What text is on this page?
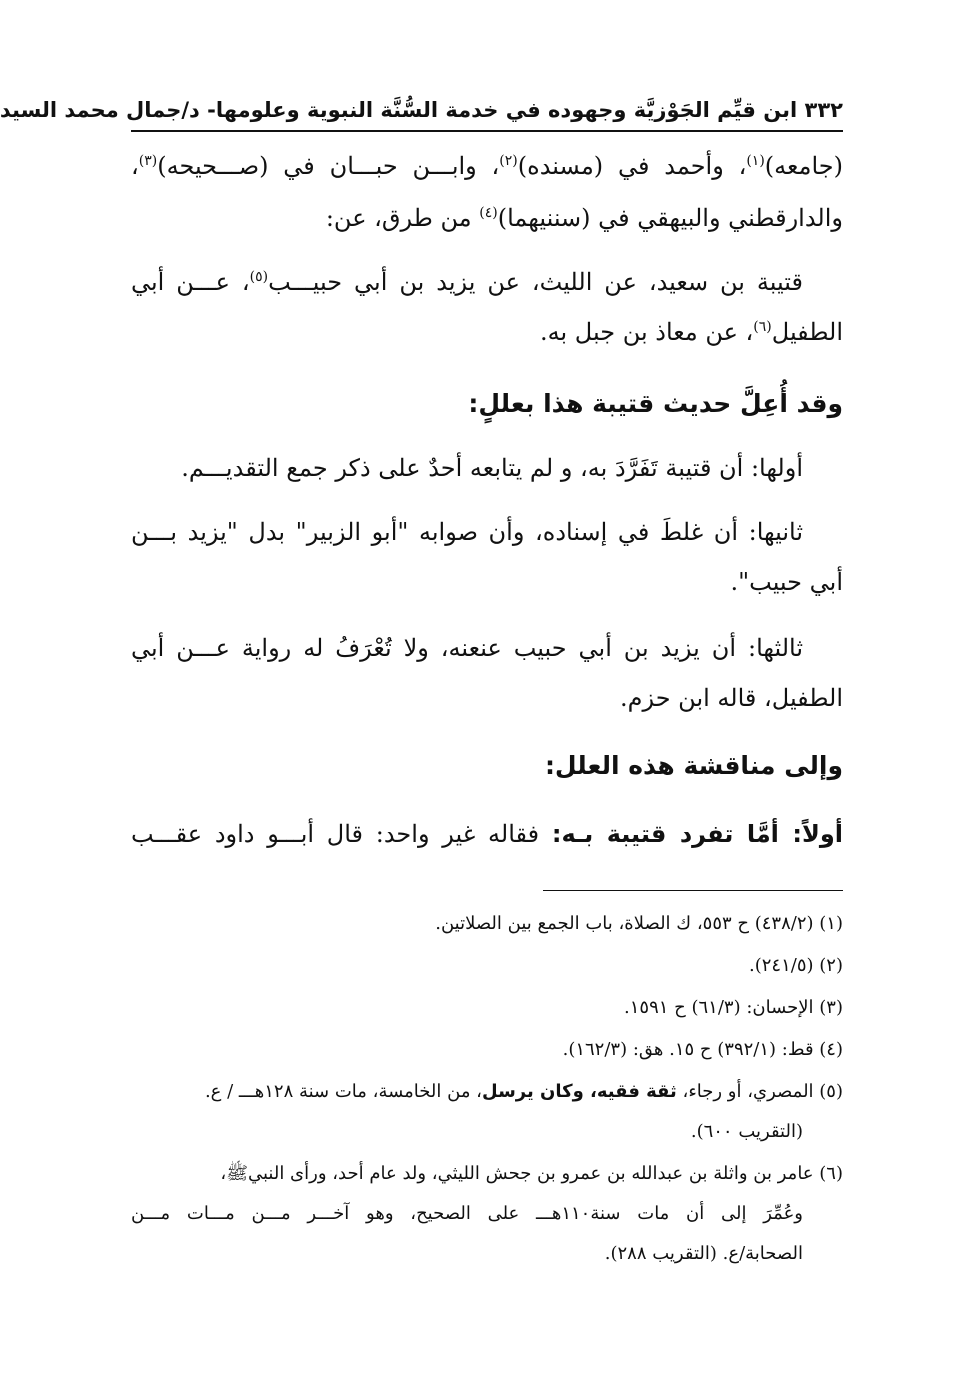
٣٣٢ ابن قيِّم الجَوْزيَّة وجهوده في خدمة السُّنَّة النبوية وعلومها- د/جمال محمد السيد
(جامعه)$^{(١)}$، وأحمد في (مسنده)$^{(٢)}$، وابـــن حبـــان في (صـــحيحه)$^{(٣)}$،
والدارقطني والبيهقي في (سننيهما)$^{(٤)}$ من طرق، عن:
قتيبة بن سعيد، عن الليث، عن يزيد بن أبي حبيـــب$^{(٥)}$، عـــن أبي
الطفيل$^{(٦)}$، عن معاذ بن جبل به.
وقد أُعِلَّ حديث قتيبة هذا بعللٍ:
أولها: أن قتيبة تَفَرَّدَ به، و لم يتابعه أحدٌ على ذكر جمع التقديـــم.
ثانيها: أن غلطَ في إسناده، وأن صوابه "أبو الزبير" بدل "يزيد بـــن
أبي حبيب".
ثالثها: أن يزيد بن أبي حبيب عنعنه، ولا تُعْرَفُ له رواية عـــن أبي
الطفيل، قاله ابن حزم.
وإلى مناقشة هذه العلل:
أولاً: أمَّا تفرد قتيبة بـه: فقاله غير واحد: قال أبـــو داود عقـــب
(١) (٤٣٨/٢) ح ٥٥٣، ك الصلاة، باب الجمع بين الصلاتين.
(٢) (٢٤١/٥).
(٣) الإحسان: (٦١/٣) ح ١٥٩١.
(٤) قط: (٣٩٢/١) ح ١٥. هق: (١٦٢/٣).
(٥) المصري، أو رجاء، ثقة فقيه، وكان يرسل، من الخامسة، مات سنة ١٢٨هـــ / ع.
(التقريب ٦٠٠).
(٦) عامر بن واثلة بن عبدالله بن عمرو بن جحش الليثي، ولد عام أحد، ورأى النبيﷺ،
وعُمِّرَ إلى أن مات سنة١١٠هـــ على الصحيح، وهو آخـــر مـــن مـــات مـــن
الصحابة/ع. (التقريب ٢٨٨).
